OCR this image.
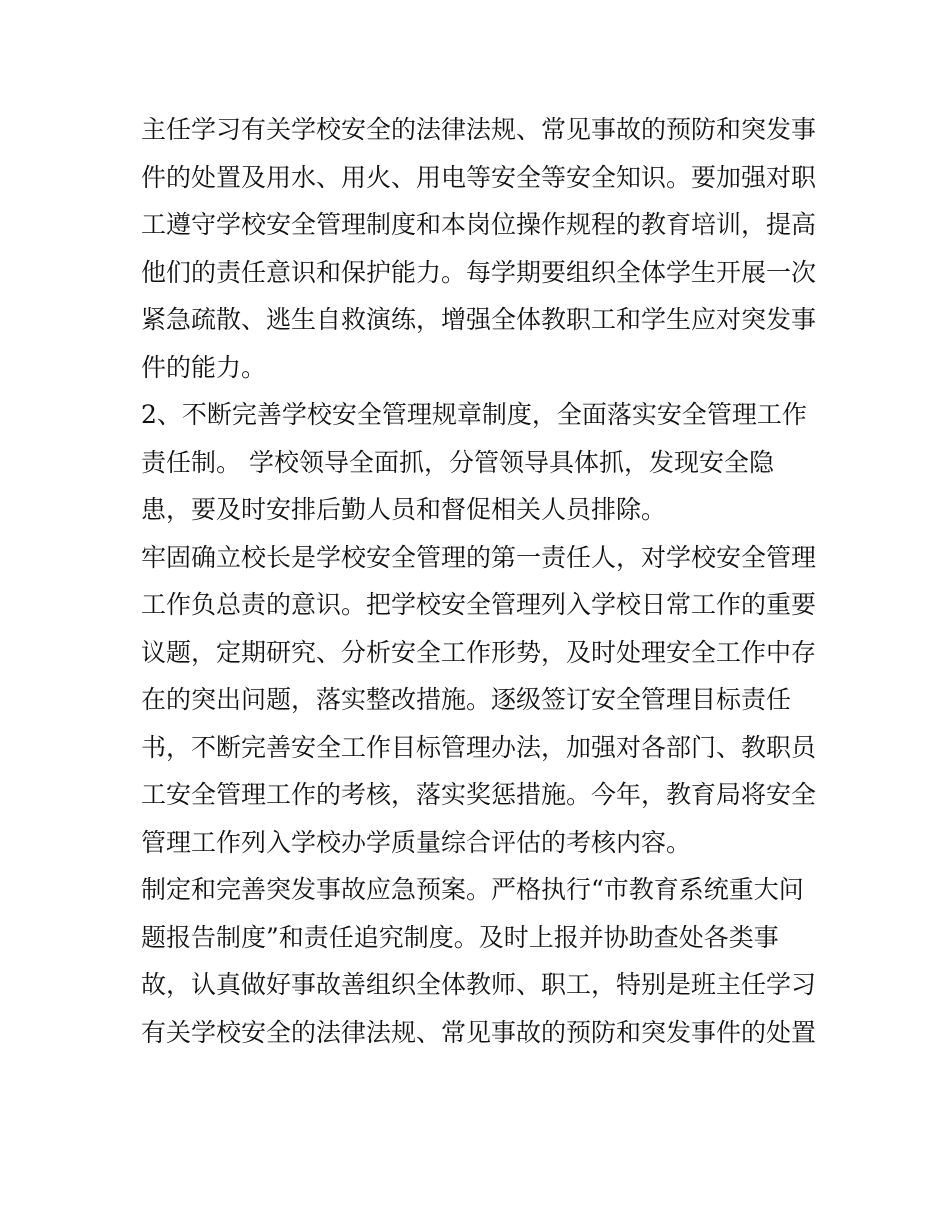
主任学习有关学校安全的法律法规、常见事故的预防和突发事
件的处置及用水、用火、用电等安全等安全知识。要加强对职
工遵守学校安全管理制度和本岗位操作规程的教育培训，提高
他们的责任意识和保护能力。每学期要组织全体学生开展一次
紧急疏散、逃生自救演练，增强全体教职工和学生应对突发事
件的能力。
2、不断完善学校安全管理规章制度，全面落实安全管理工作
责任制。 学校领导全面抓，分管领导具体抓，发现安全隐
患，要及时安排后勤人员和督促相关人员排除。
牢固确立校长是学校安全管理的第一责任人，对学校安全管理
工作负总责的意识。把学校安全管理列入学校日常工作的重要
议题，定期研究、分析安全工作形势，及时处理安全工作中存
在的突出问题，落实整改措施。逐级签订安全管理目标责任
书，不断完善安全工作目标管理办法，加强对各部门、教职员
工安全管理工作的考核，落实奖惩措施。今年，教育局将安全
管理工作列入学校办学质量综合评估的考核内容。
制定和完善突发事故应急预案。严格执行“市教育系统重大问
题报告制度”和责任追究制度。及时上报并协助查处各类事
故，认真做好事故善组织全体教师、职工，特别是班主任学习
有关学校安全的法律法规、常见事故的预防和突发事件的处置
